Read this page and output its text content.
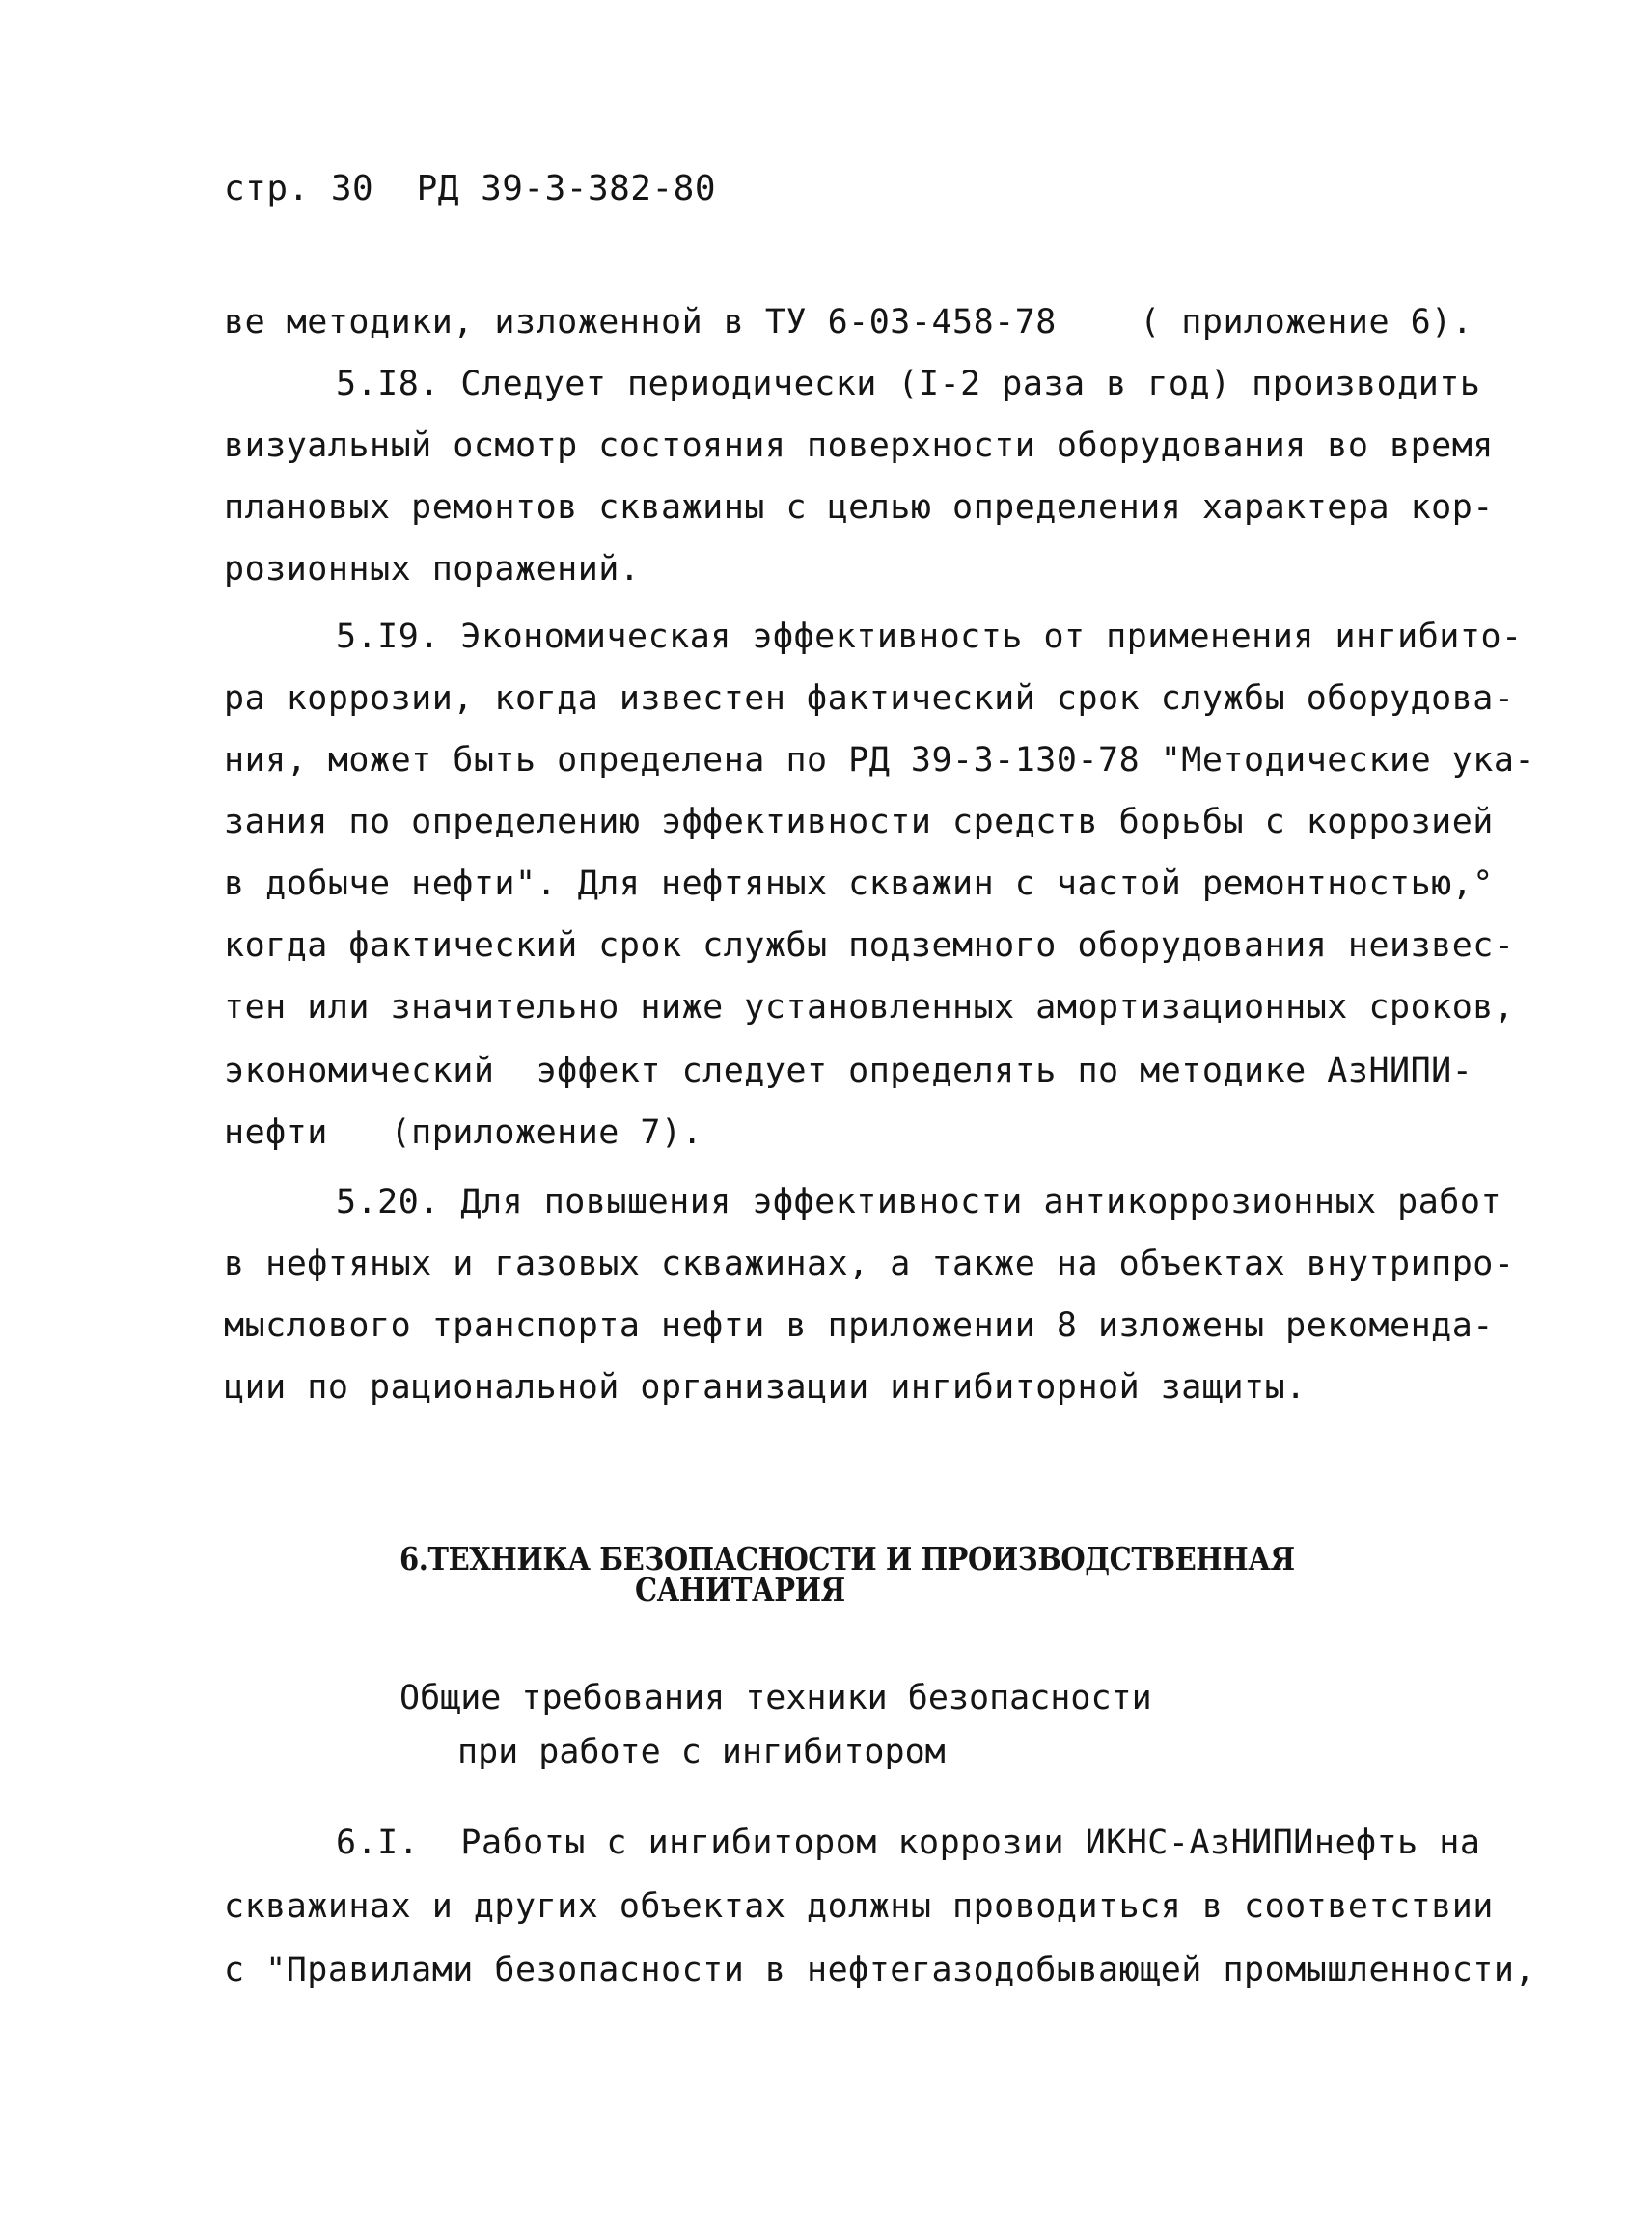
стр. 30  РД 39-3-382-80
ве методики, изложенной в ТУ 6-03-458-78    ( приложение 6).
5.I8. Следует периодически (I-2 раза в год) производить
визуальный осмотр состояния поверхности оборудования во время
плановых ремонтов скважины с целью определения характера кор-
розионных поражений.
5.I9. Экономическая эффективность от применения ингибито-
ра коррозии, когда известен фактический срок службы оборудова-
ния, может быть определена по РД 39-3-130-78 "Методические ука-
зания по определению эффективности средств борьбы с коррозией
в добыче нефти". Для нефтяных скважин с частой ремонтностью,°
когда фактический срок службы подземного оборудования неизвес-
тен или значительно ниже установленных амортизационных сроков,
экономический  эффект следует определять по методике АзНИПИ-
нефти   (приложение 7).
5.20. Для повышения эффективности антикоррозионных работ
в нефтяных и газовых скважинах, а также на объектах внутрипро-
мыслового транспорта нефти в приложении 8 изложены рекоменда-
ции по рациональной организации ингибиторной защиты.
6.ТЕХНИКА БЕЗОПАСНОСТИ И ПРОИЗВОДСТВЕННАЯ
САНИТАРИЯ
Общие требования техники безопасности
при работе с ингибитором
6.I.  Работы с ингибитором коррозии ИКНС-АзНИПИнефть на
скважинах и других объектах должны проводиться в соответствии
с "Правилами безопасности в нефтегазодобывающей промышленности,
